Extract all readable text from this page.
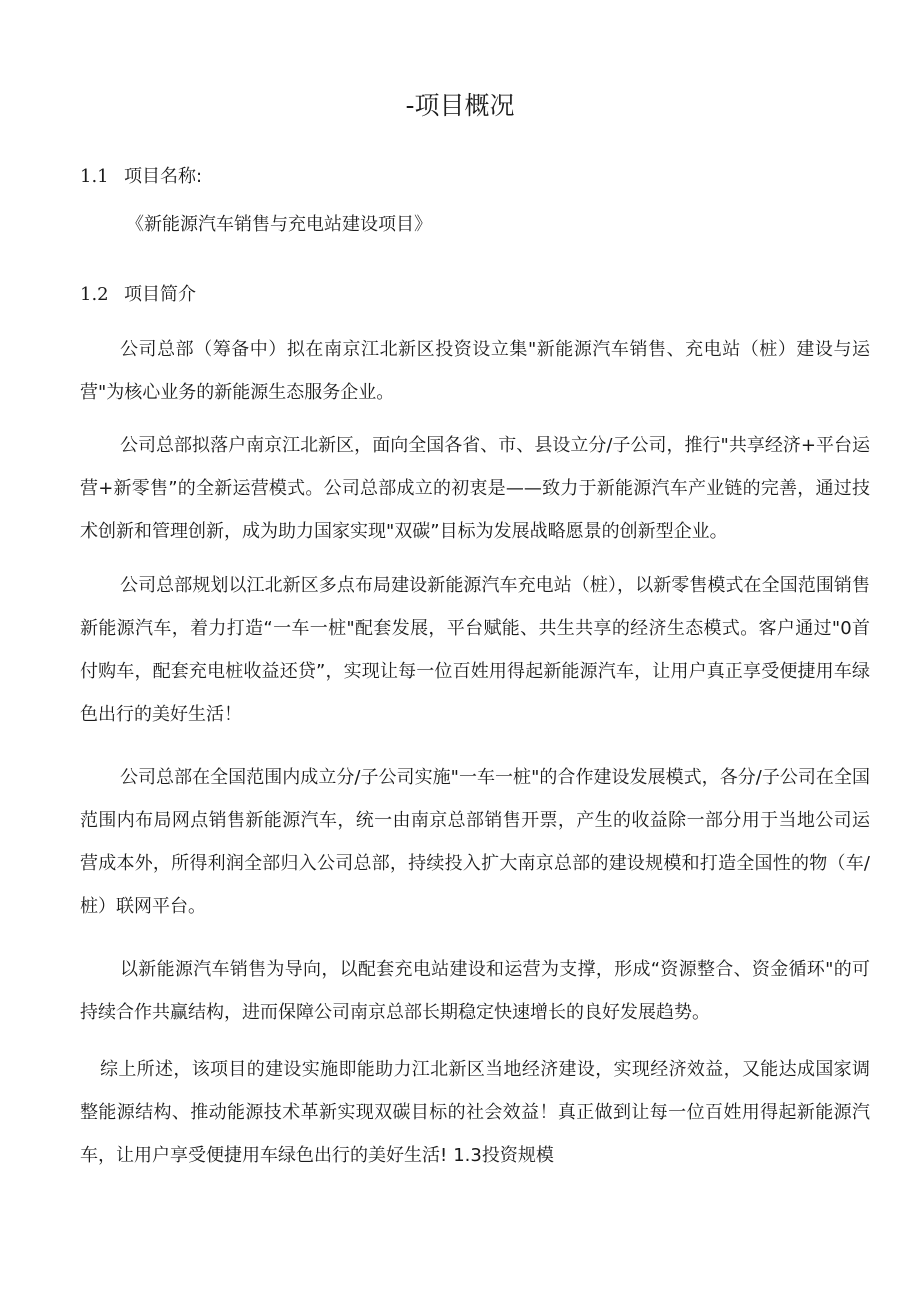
-项目概况
1.1 项目名称:
《新能源汽车销售与充电站建设项目》
1.2 项目简介

公司总部（筹备中）拟在南京江北新区投资设立集"新能源汽车销售、充电站（桩）建设与运营"为核心业务的新能源生态服务企业。

公司总部拟落户南京江北新区，面向全国各省、市、县设立分/子公司，推行"共享经济+平台运营+新零售”的全新运营模式。公司总部成立的初衷是——致力于新能源汽车产业链的完善，通过技术创新和管理创新，成为助力国家实现"双碳”目标为发展战略愿景的创新型企业。

公司总部规划以江北新区多点布局建设新能源汽车充电站（桩），以新零售模式在全国范围销售新能源汽车，着力打造“一车一桩"配套发展，平台赋能、共生共享的经济生态模式。客户通过"0首付购车，配套充电桩收益还贷”，实现让每一位百姓用得起新能源汽车，让用户真正享受便捷用车绿色出行的美好生活！

公司总部在全国范围内成立分/子公司实施"一车一桩"的合作建设发展模式，各分/子公司在全国范围内布局网点销售新能源汽车，统一由南京总部销售开票，产生的收益除一部分用于当地公司运营成本外，所得利润全部归入公司总部，持续投入扩大南京总部的建设规模和打造全国性的物（车/桩）联网平台。

以新能源汽车销售为导向，以配套充电站建设和运营为支撑，形成“资源整合、资金循环"的可持续合作共赢结构，进而保障公司南京总部长期稳定快速增长的良好发展趋势。

综上所述，该项目的建设实施即能助力江北新区当地经济建设，实现经济效益，又能达成国家调整能源结构、推动能源技术革新实现双碳目标的社会效益！真正做到让每一位百姓用得起新能源汽车，让用户享受便捷用车绿色出行的美好生活! 1.3投资规模
